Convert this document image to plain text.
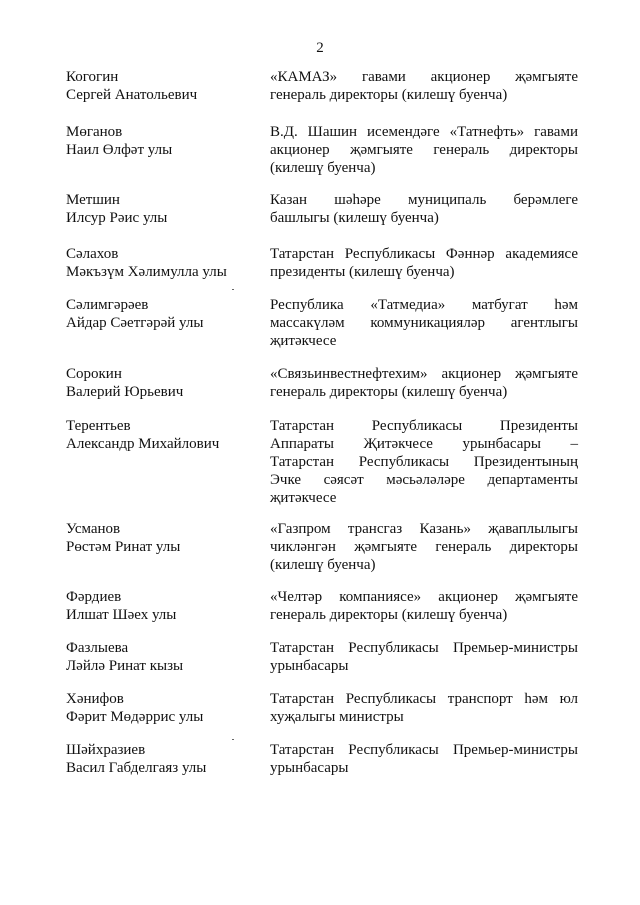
2
Когогин
Сергей Анатольевич
«КАМАЗ» гавами акционер җәмгыяте
генераль директоры (килешү буенча)
Мөганов
Наил Өлфәт улы
В.Д. Шашин исемендәге «Татнефть» гавами
акционер җәмгыяте генераль директоры
(килешү буенча)
Метшин
Илсур Рәис улы
Казан шәһәре муниципаль берәмлеге
башлыгы (килешү буенча)
Сәлахов
Мәкъзүм Хәлимулла улы
Татарстан Республикасы Фәннәр академиясе
президенты (килешү буенча)
Сәлимгәрәев
Айдар Сәетгәрәй улы
Республика «Татмедиа» матбугат һәм
массакүләм коммуникацияләр агентлыгы
җитәкчесе
Сорокин
Валерий Юрьевич
«Связьинвестнефтехим» акционер җәмгыяте
генераль директоры (килешү буенча)
Терентьев
Александр Михайлович
Татарстан Республикасы Президенты
Аппараты Җитәкчесе урынбасары –
Татарстан Республикасы Президентының
Эчке сәясәт мәсьәләләре департаменты
җитәкчесе
Усманов
Рөстәм Ринат улы
«Газпром трансгаз Казань» җаваплылыгы
чикләнгән җәмгыяте генераль директоры
(килешү буенча)
Фәрдиев
Илшат Шәех улы
«Челтәр компаниясе» акционер җәмгыяте
генераль директоры (килешү буенча)
Фазлыева
Ләйлә Ринат кызы
Татарстан Республикасы Премьер-министры
урынбасары
Хәнифов
Фәрит Мөдәррис улы
Татарстан Республикасы транспорт һәм юл
хуҗалыгы министры
Шәйхразиев
Васил Габделгаяз улы
Татарстан Республикасы Премьер-министры
урынбасары
